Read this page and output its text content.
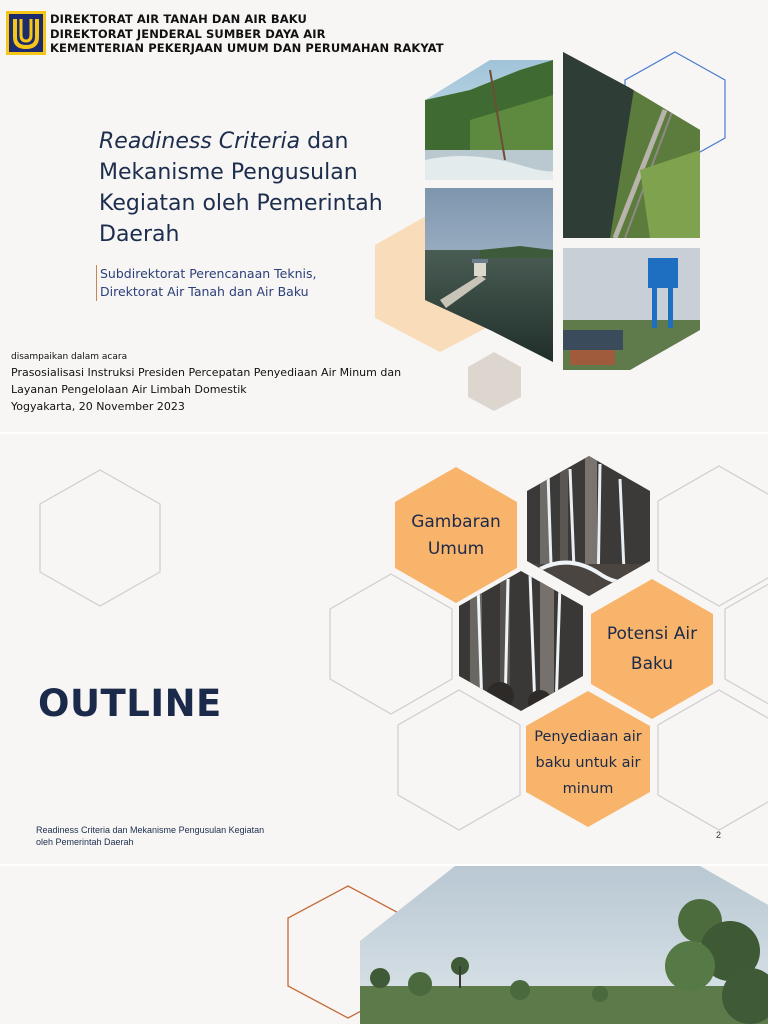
DIREKTORAT AIR TANAH DAN AIR BAKU
DIREKTORAT JENDERAL SUMBER DAYA AIR
KEMENTERIAN PEKERJAAN UMUM DAN PERUMAHAN RAKYAT
Readiness Criteria dan Mekanisme Pengusulan Kegiatan oleh Pemerintah Daerah
Subdirektorat Perencanaan Teknis,
Direktorat Air Tanah dan Air Baku
disampaikan dalam acara
Prasosialisasi Instruksi Presiden Percepatan Penyediaan Air Minum dan
Layanan Pengelolaan Air Limbah Domestik
Yogyakarta, 20 November 2023
Gambaran Umum
Potensi Air Baku
Penyediaan air baku untuk air minum
OUTLINE
Readiness Criteria dan Mekanisme Pengusulan Kegiatan
oleh Pemerintah Daerah
2
